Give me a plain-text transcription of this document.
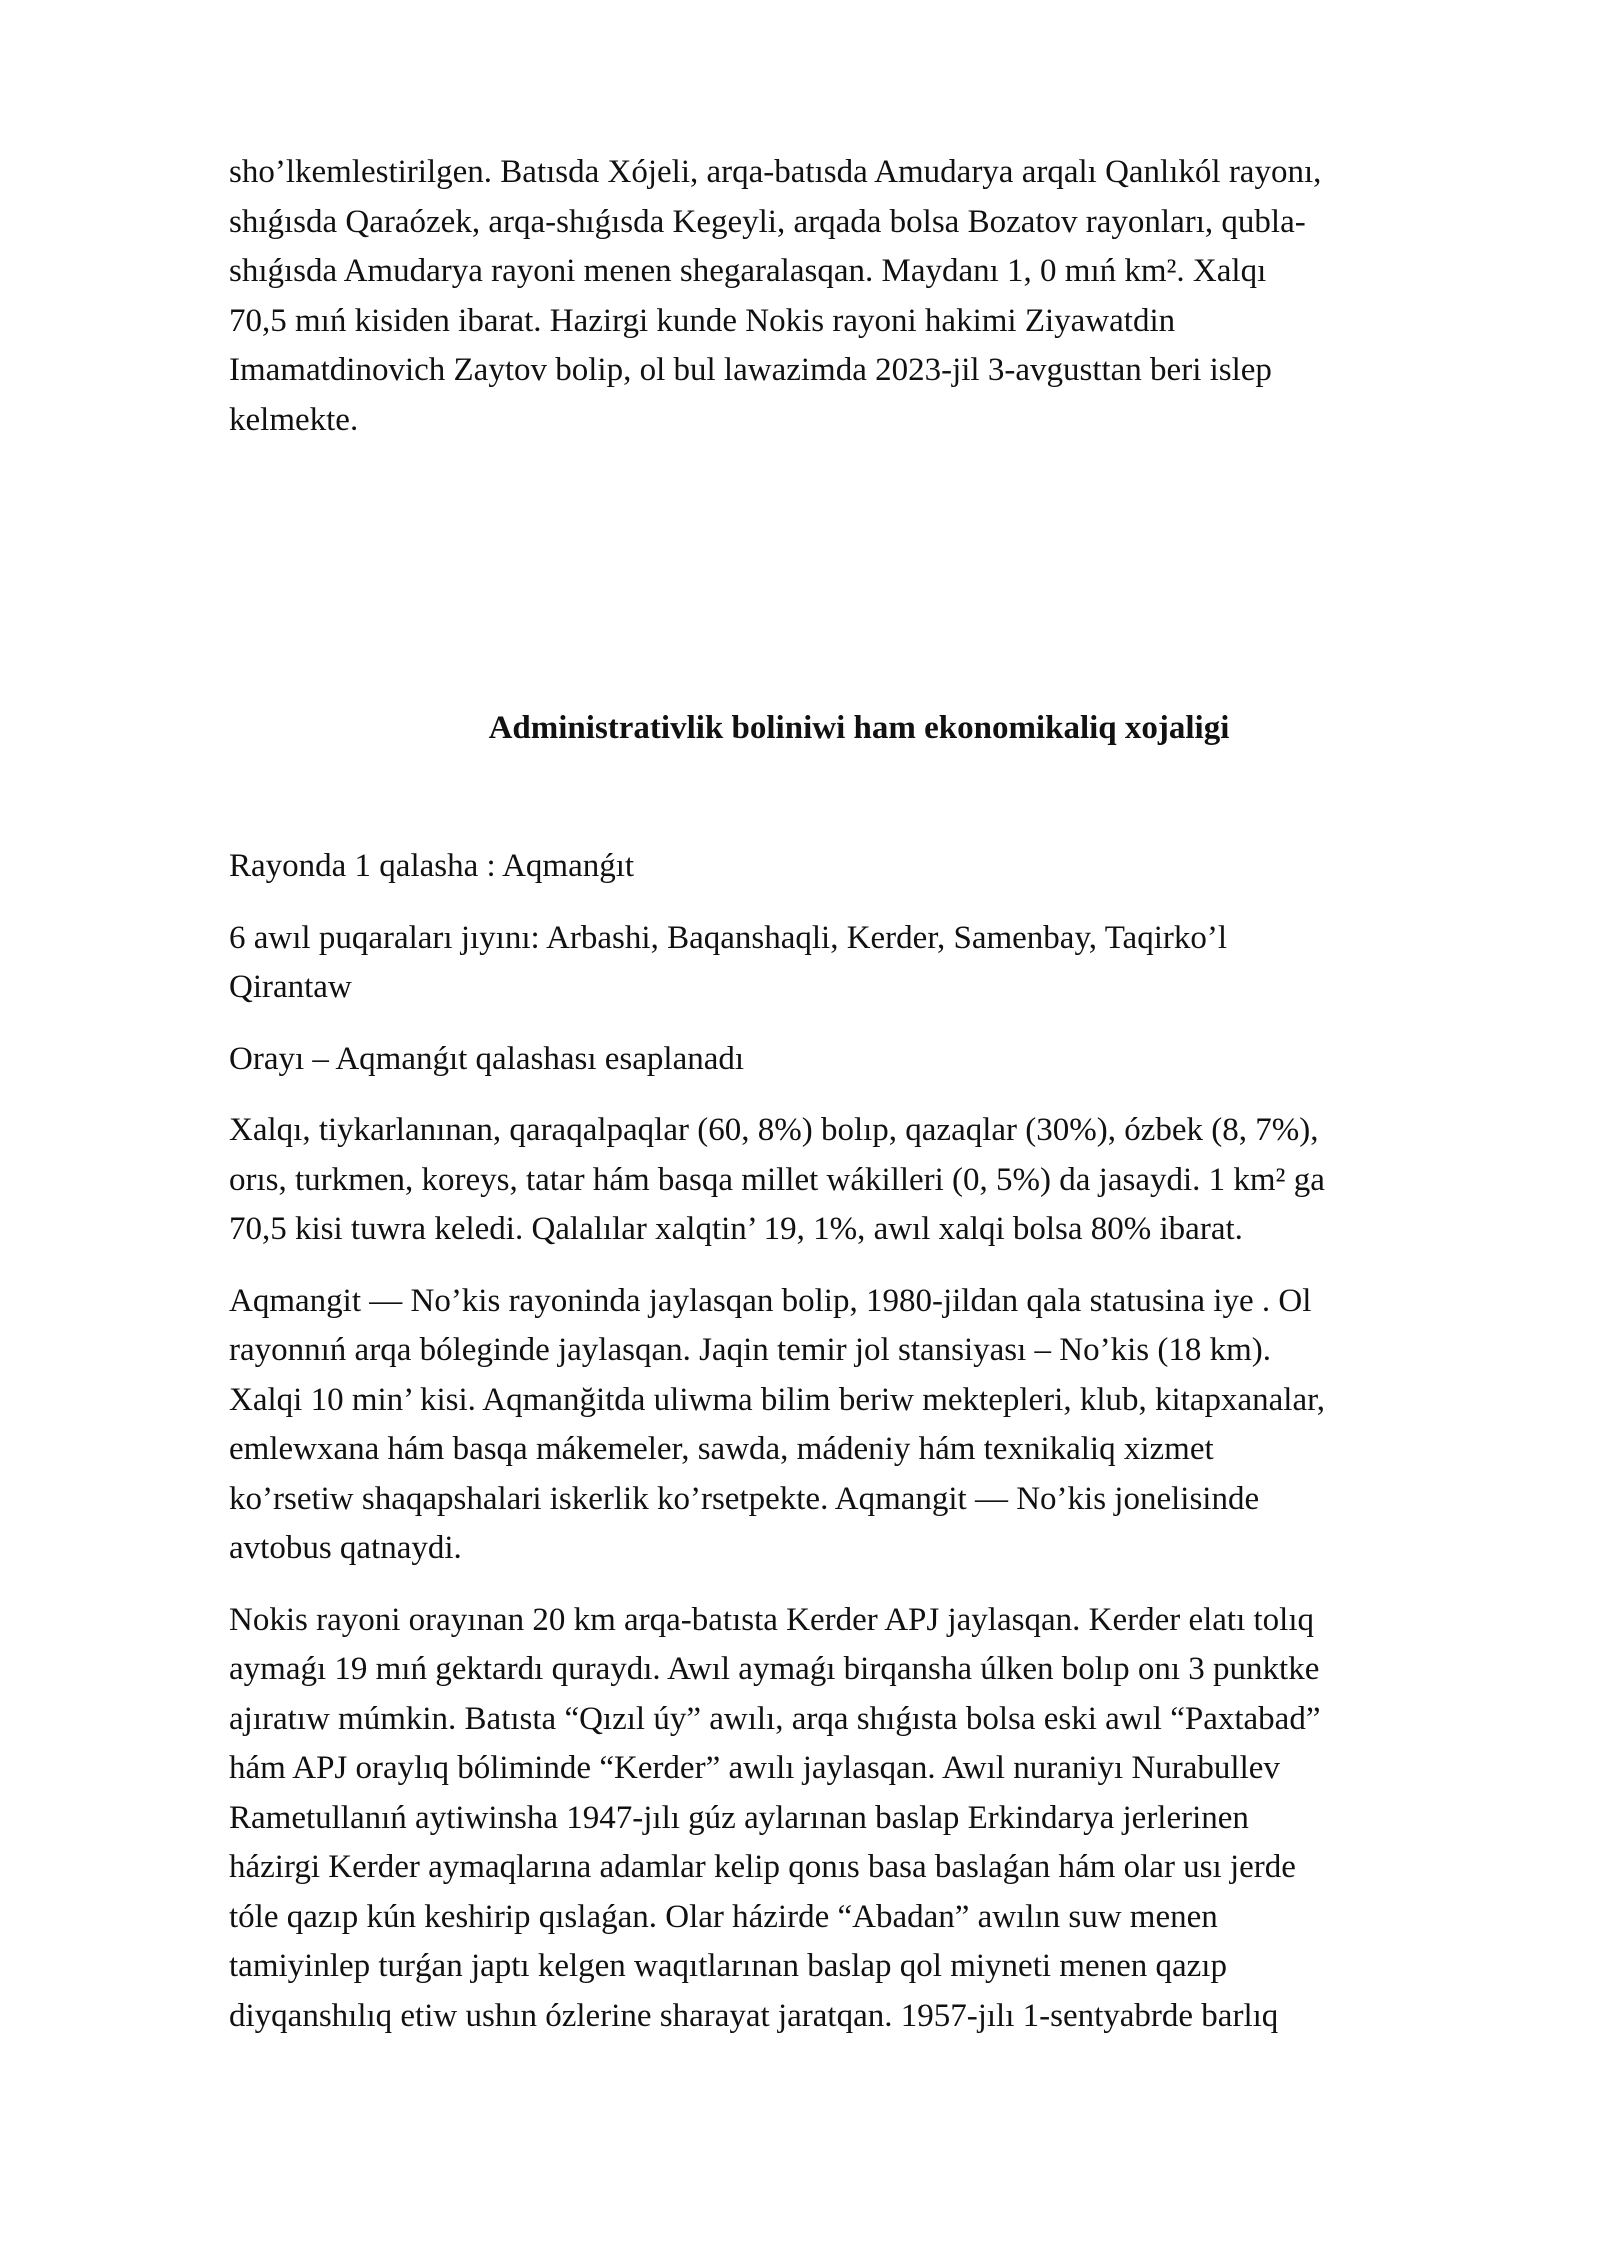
sho’lkemlestirilgen. Batısda Xójeli, arqa-batısda Amudarya arqalı Qanlıkól rayonı,
shıǵısda Qaraózek, arqa-shıǵısda Kegeyli, arqada bolsa Bozatov rayonları, qubla-
shıǵısda Amudarya rayoni menen shegaralasqan. Maydanı 1, 0 mıń km². Xalqı
70,5 mıń kisiden ibarat. Hazirgi kunde Nokis rayoni hakimi Ziyawatdin
Imamatdinovich Zaytov bolip, ol bul lawazimda 2023-jil 3-avgusttan beri islep
kelmekte.

Administrativlik boliniwi ham ekonomikaliq xojaligi

Rayonda 1 qalasha : Aqmanǵıt

6 awıl puqaraları jıyını: Arbashi, Baqanshaqli, Kerder, Samenbay, Taqirko’l
Qirantaw

Orayı – Aqmanǵıt qalashası esaplanadı

Xalqı, tiykarlanınan, qaraqalpaqlar (60, 8%) bolıp, qazaqlar (30%), ózbek (8, 7%),
orıs, turkmen, koreys, tatar hám basqa millet wákilleri (0, 5%) da jasaydi. 1 km² ga
70,5 kisi tuwra keledi. Qalalılar xalqtin’ 19, 1%, awıl xalqi bolsa 80% ibarat.

Aqmangit — No’kis rayoninda jaylasqan bolip, 1980-jildan qala statusina iye . Ol
rayonnıń arqa bóleginde jaylasqan. Jaqin temir jol stansiyası – No’kis (18 km).
Xalqi 10 min’ kisi. Aqmanğitda uliwma bilim beriw mektepleri, klub, kitapxanalar,
emlewxana hám basqa mákemeler, sawda, mádeniy hám texnikaliq xizmet
ko’rsetiw shaqapshalari iskerlik ko’rsetpekte. Aqmangit — No’kis jonelisinde
avtobus qatnaydi.

Nokis rayoni orayınan 20 km arqa-batısta Kerder APJ jaylasqan. Kerder elatı tolıq
aymaǵı 19 mıń gektardı quraydı. Awıl aymaǵı birqansha úlken bolıp onı 3 punktke
ajıratıw múmkin. Batısta “Qızıl úy” awılı, arqa shıǵısta bolsa eski awıl “Paxtabad”
hám APJ oraylıq bóliminde “Kerder” awılı jaylasqan. Awıl nuraniyı Nurabullev
Rametullanıń aytiwinsha 1947-jılı gúz aylarınan baslap Erkindarya jerlerinen
házirgi Kerder aymaqlarına adamlar kelip qonıs basa baslaǵan hám olar usı jerde
tóle qazıp kún keshirip qıslaǵan. Olar házirde “Abadan” awılın suw menen
tamiyinlep turǵan japtı kelgen waqıtlarınan baslap qol miyneti menen qazıp
diyqanshılıq etiw ushın ózlerine sharayat jaratqan. 1957-jılı 1-sentyabrde barlıq
